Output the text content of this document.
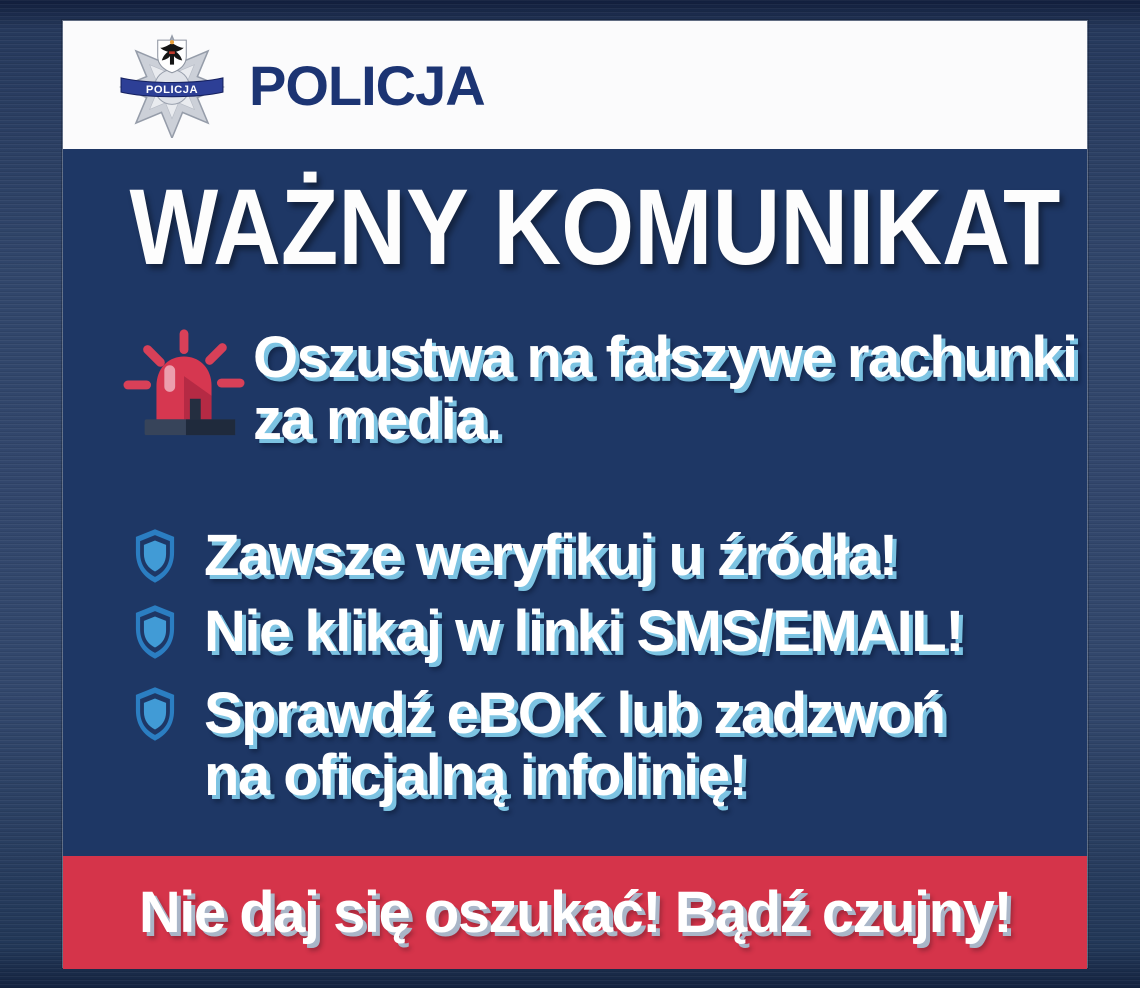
POLICJA POLICJA
WAŻNY KOMUNIKAT
Oszustwa na fałszywe rachunki
za media.
Zawsze weryfikuj u źródła!
Nie klikaj w linki SMS/EMAIL!
Sprawdź eBOK lub zadzwoń
na oficjalną infolinię!
Nie daj się oszukać! Bądź czujny!
